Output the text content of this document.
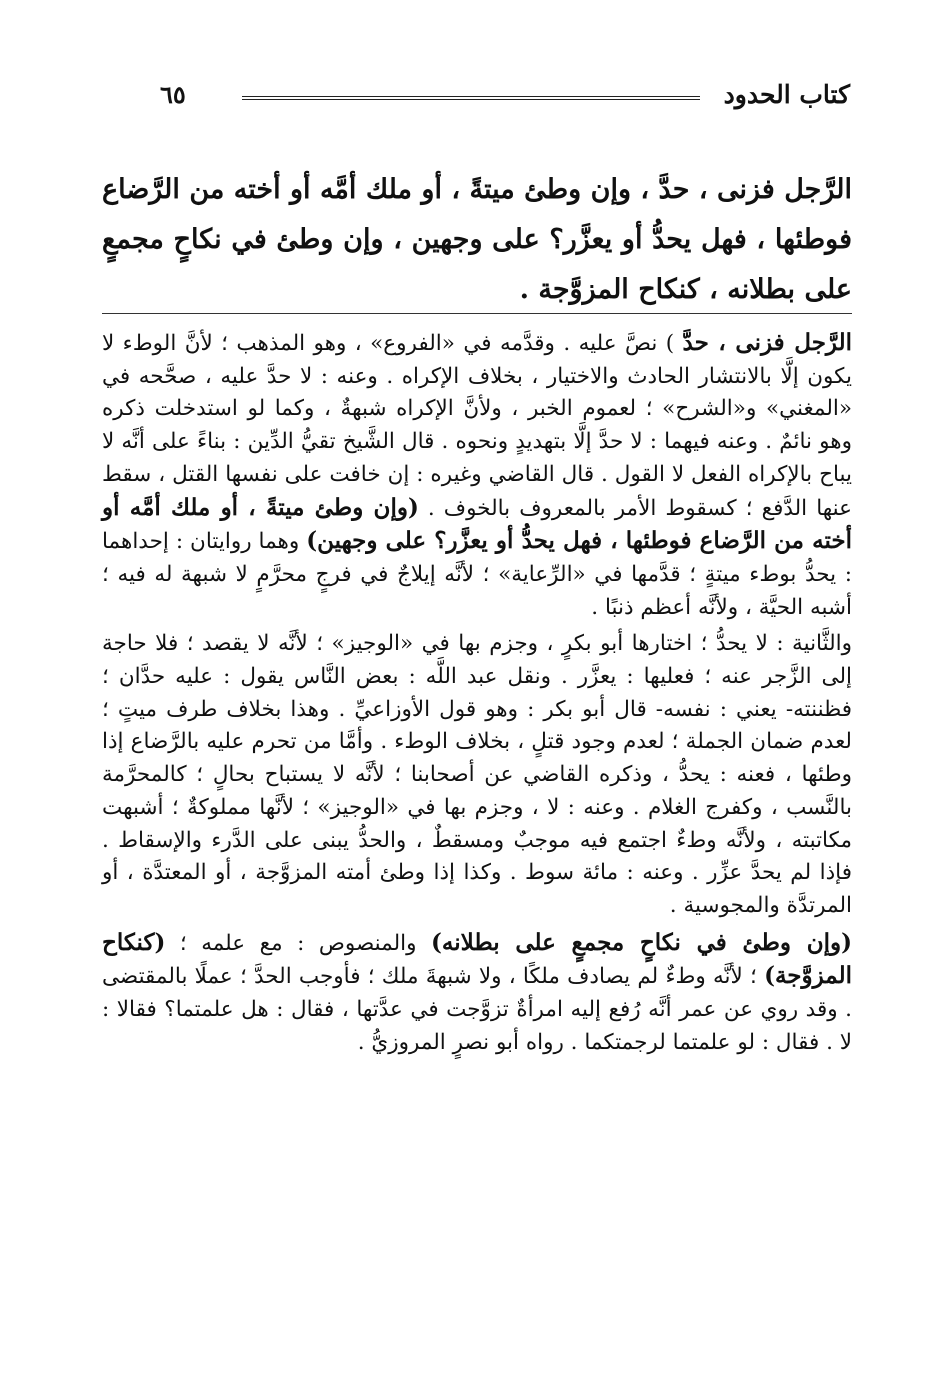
كتاب الحدود
٦٥

الرَّجل فزنى ، حدَّ ، وإن وطئ ميتةً ، أو ملك أمَّه أو أخته من الرَّضاع فوطئها ، فهل يحدُّ أو يعزَّر؟ على وجهين ، وإن وطئ في نكاحٍ مجمعٍ على بطلانه ، كنكاح المزوَّجة .

الرَّجل فزنى ، حدَّ ) نصَّ عليه . وقدَّمه في «الفروع» ، وهو المذهب ؛ لأنَّ الوطء لا يكون إلَّا بالانتشار الحادث والاختيار ، بخلاف الإكراه . وعنه : لا حدَّ عليه ، صحَّحه في «المغني» و«الشرح» ؛ لعموم الخبر ، ولأنَّ الإكراه شبهةٌ ، وكما لو استدخلت ذكره وهو نائمٌ . وعنه فيهما : لا حدَّ إلَّا بتهديدٍ ونحوه . قال الشَّيخ تقيُّ الدِّين : بناءً على أنَّه لا يباح بالإكراه الفعل لا القول . قال القاضي وغيره : إن خافت على نفسها القتل ، سقط عنها الدَّفع ؛ كسقوط الأمر بالمعروف بالخوف . (وإن وطئ ميتةً ، أو ملك أمَّه أو أخته من الرَّضاع فوطئها ، فهل يحدُّ أو يعزَّر؟ على وجهين) وهما روايتان : إحداهما : يحدُّ بوطء ميتةٍ ؛ قدَّمها في «الرِّعاية» ؛ لأنَّه إيلاجٌ في فرجٍ محرَّمٍ لا شبهة له فيه ؛ أشبه الحيَّة ، ولأنَّه أعظم ذنبًا .

والثَّانية : لا يحدُّ ؛ اختارها أبو بكرٍ ، وجزم بها في «الوجيز» ؛ لأنَّه لا يقصد ؛ فلا حاجة إلى الزَّجر عنه ؛ فعليها : يعزَّر . ونقل عبد اللَّه : بعض النَّاس يقول : عليه حدَّان ؛ فظننته- يعني : نفسه- قال أبو بكر : وهو قول الأوزاعيِّ . وهذا بخلاف طرف ميتٍ ؛ لعدم ضمان الجملة ؛ لعدم وجود قتلٍ ، بخلاف الوطء . وأمَّا من تحرم عليه بالرَّضاع إذا وطئها ، فعنه : يحدُّ ، وذكره القاضي عن أصحابنا ؛ لأنَّه لا يستباح بحالٍ ؛ كالمحرَّمة بالنَّسب ، وكفرج الغلام . وعنه : لا ، وجزم بها في «الوجيز» ؛ لأنَّها مملوكةٌ ؛ أشبهت مكاتبته ، ولأنَّه وطءٌ اجتمع فيه موجبٌ ومسقطٌ ، والحدُّ يبنى على الدَّرء والإسقاط . فإذا لم يحدَّ عزِّر . وعنه : مائة سوط . وكذا إذا وطئ أمته المزوَّجة ، أو المعتدَّة ، أو المرتدَّة والمجوسية .

(وإن وطئ في نكاحٍ مجمعٍ على بطلانه) والمنصوص : مع علمه ؛ (كنكاح المزوَّجة) ؛ لأنَّه وطءٌ لم يصادف ملكًا ، ولا شبهةَ ملك ؛ فأوجب الحدَّ ؛ عملًا بالمقتضى . وقد روي عن عمر أنَّه رُفع إليه امرأةٌ تزوَّجت في عدَّتها ، فقال : هل علمتما؟ فقالا : لا . فقال : لو علمتما لرجمتكما . رواه أبو نصرٍ المروزيُّ .
